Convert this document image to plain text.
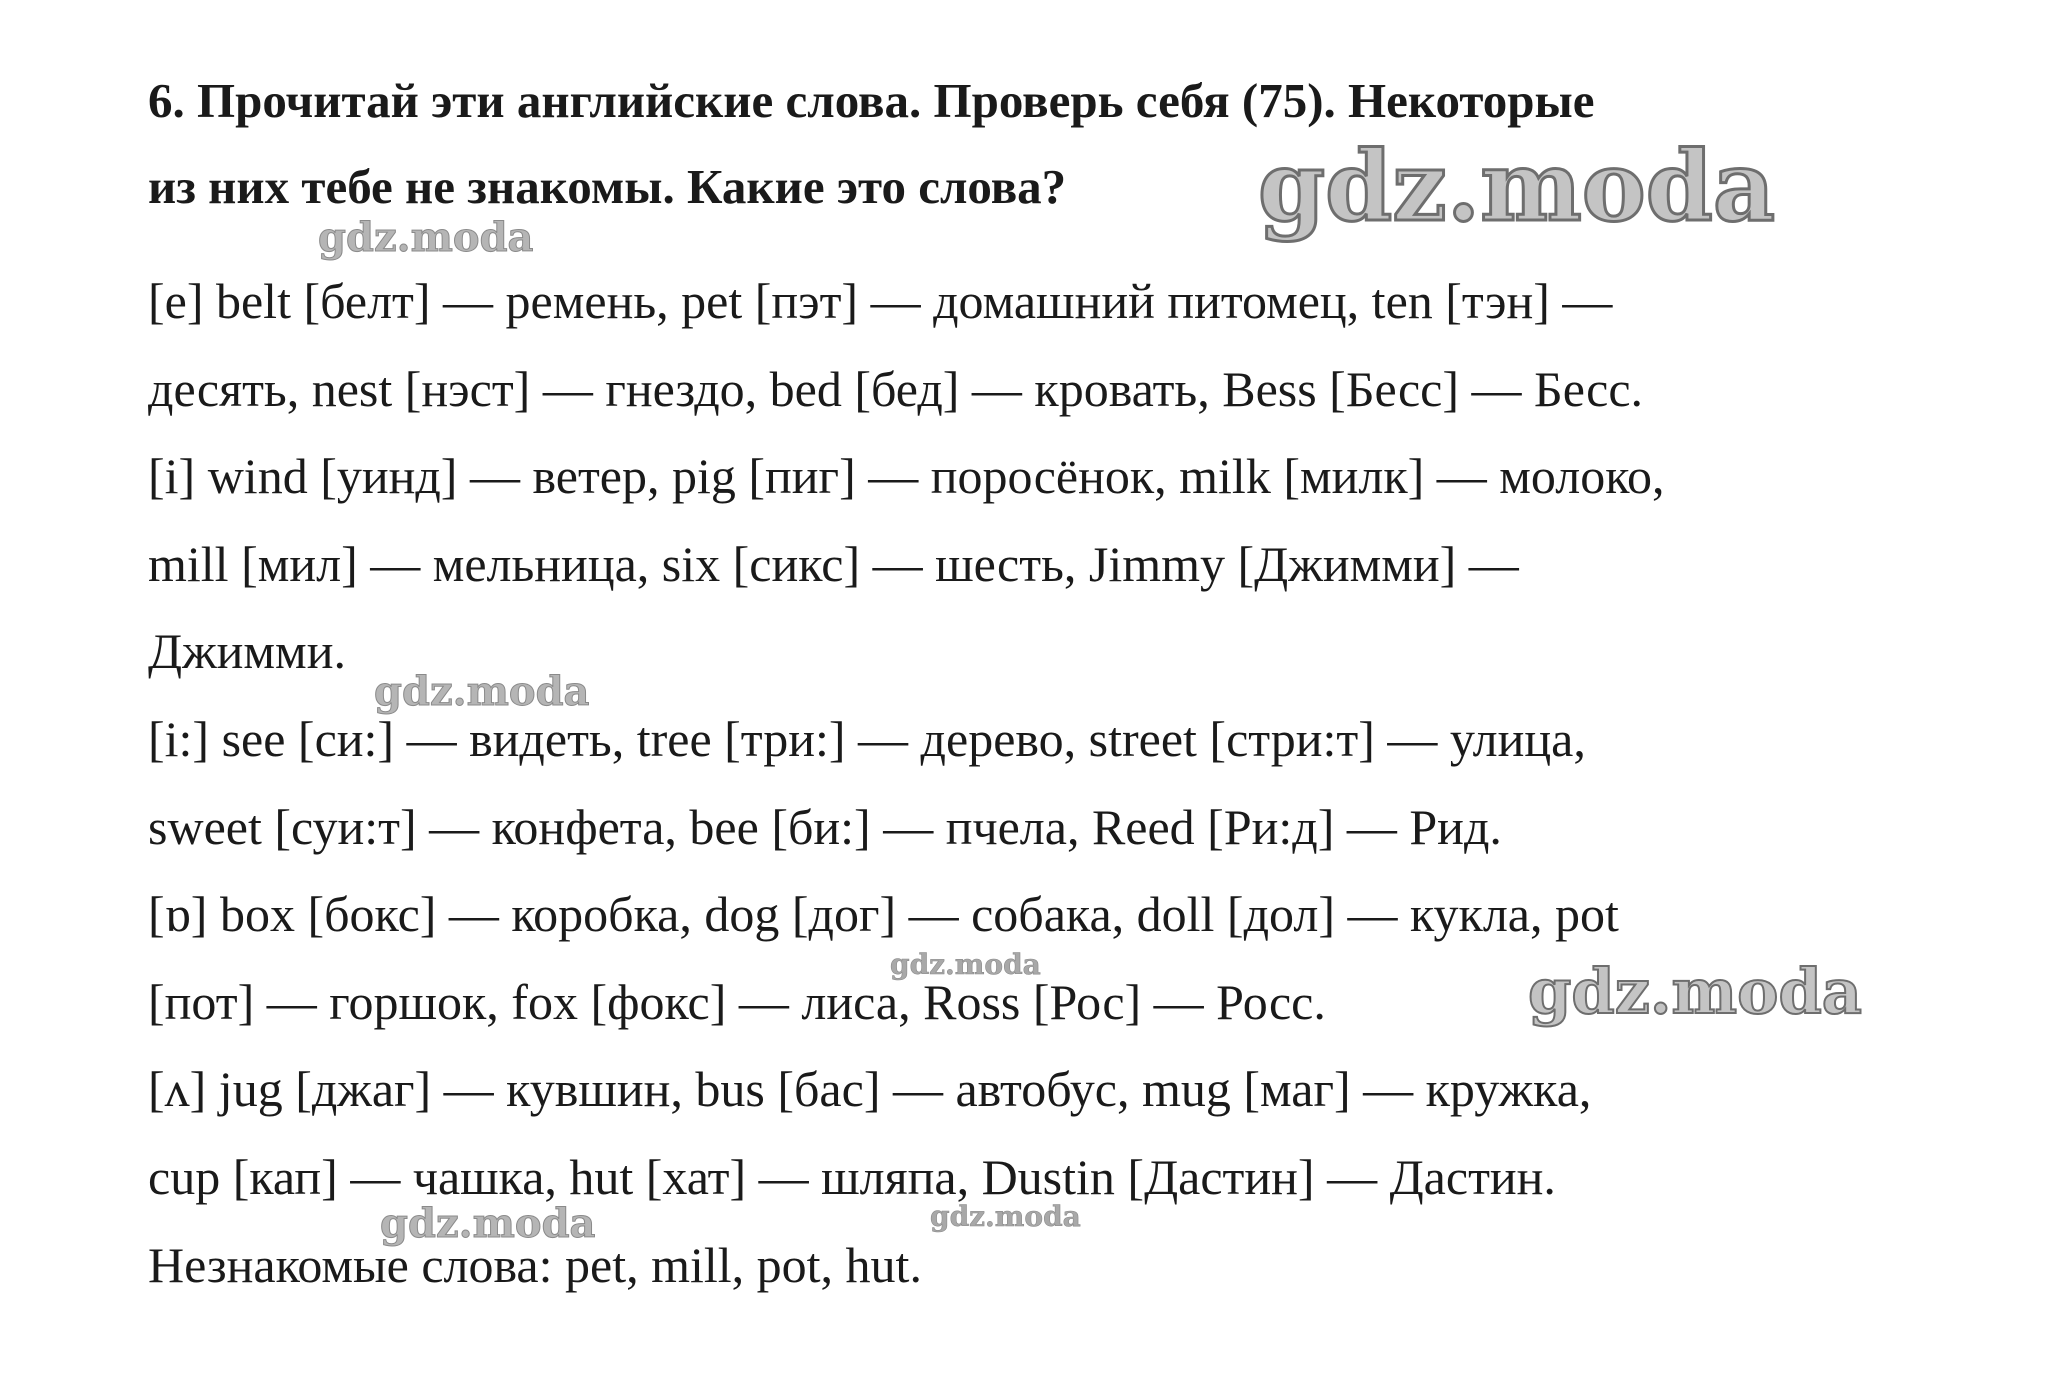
6. Прочитай эти английские слова. Проверь себя (75). Некоторые
из них тебе не знакомы. Какие это слова?
[e] belt [белт] — ремень, pet [пэт] — домашний питомец, ten [тэн] —
десять, nest [нэст] — гнездо, bed [бед] — кровать, Bess [Бесс] — Бесс.
[i] wind [уинд] — ветер, pig [пиг] — поросёнок, milk [милк] — молоко,
mill [мил] — мельница, six [сикс] — шесть, Jimmy [Джимми] —
Джимми.
[i:] see [си:] — видеть, tree [три:] — дерево, street [стри:т] — улица,
sweet [суи:т] — конфета, bee [би:] — пчела, Reed [Ри:д] — Рид.
[ɒ] box [бокс] — коробка, dog [дог] — собака, doll [дол] — кукла, pot
[пот] — горшок, fox [фокс] — лиса, Ross [Рос] — Росс.
[ʌ] jug [джаг] — кувшин, bus [бас] — автобус, mug [маг] — кружка,
cup [кап] — чашка, hut [хат] — шляпа, Dustin [Дастин] — Дастин.
Незнакомые слова: pet, mill, pot, hut.
gdz.moda
gdz.moda
gdz.moda
gdz.moda	gdz.moda
gdz.moda	gdz.moda
